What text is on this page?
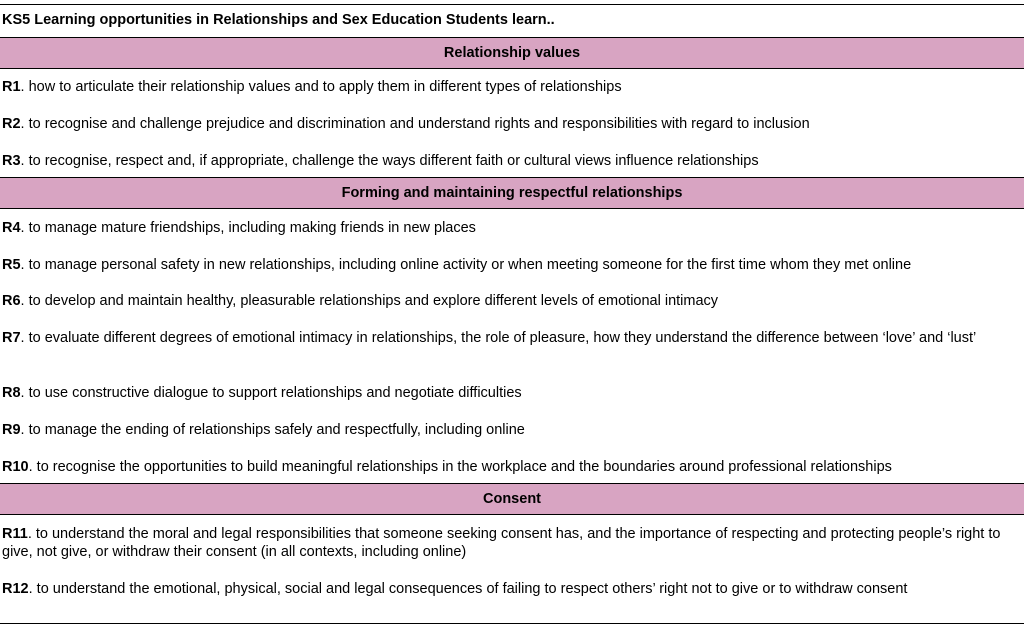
KS5 Learning opportunities in Relationships and Sex Education Students learn..
Relationship values
R1. how to articulate their relationship values and to apply them in different types of relationships
R2. to recognise and challenge prejudice and discrimination and understand rights and responsibilities with regard to inclusion
R3. to recognise, respect and, if appropriate, challenge the ways different faith or cultural views influence relationships
Forming and maintaining respectful relationships
R4. to manage mature friendships, including making friends in new places
R5. to manage personal safety in new relationships, including online activity or when meeting someone for the first time whom they met online
R6. to develop and maintain healthy, pleasurable relationships and explore different levels of emotional intimacy
R7. to evaluate different degrees of emotional intimacy in relationships, the role of pleasure, how they understand the difference between ‘love’ and ‘lust’
R8. to use constructive dialogue to support relationships and negotiate difficulties
R9. to manage the ending of relationships safely and respectfully, including online
R10. to recognise the opportunities to build meaningful relationships in the workplace and the boundaries around professional relationships
Consent
R11. to understand the moral and legal responsibilities that someone seeking consent has, and the importance of respecting and protecting people’s right to give, not give, or withdraw their consent (in all contexts, including online)
R12. to understand the emotional, physical, social and legal consequences of failing to respect others’ right not to give or to withdraw consent
